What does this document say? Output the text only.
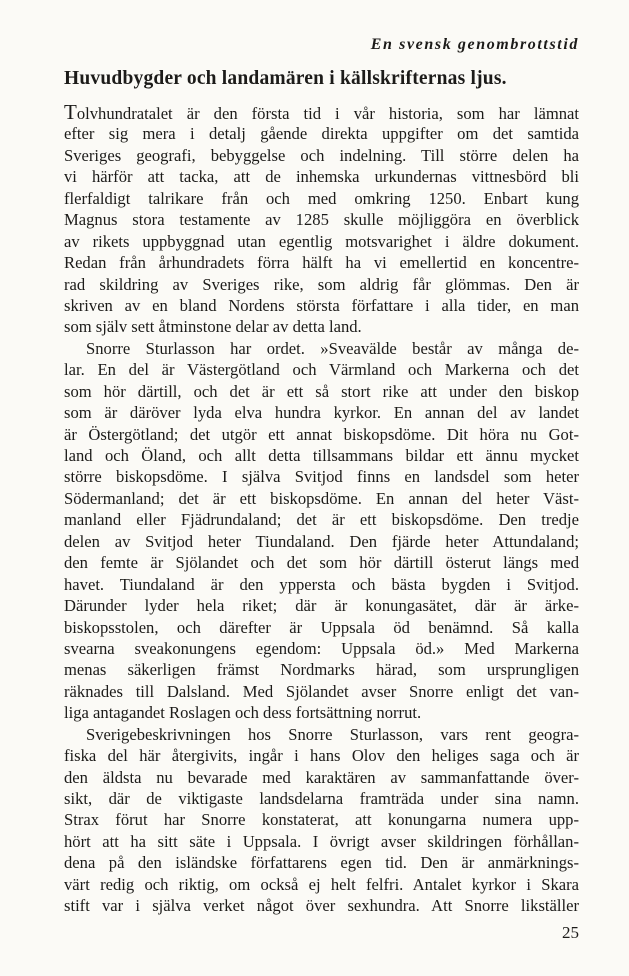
En svensk genombrottstid
Huvudbygder och landamären i källskrifternas ljus.
Tolvhundratalet är den första tid i vår historia, som har lämnat
efter sig mera i detalj gående direkta uppgifter om det samtida
Sveriges geografi, bebyggelse och indelning. Till större delen ha
vi härför att tacka, att de inhemska urkundernas vittnesbörd bli
flerfaldigt talrikare från och med omkring 1250. Enbart kung
Magnus stora testamente av 1285 skulle möjliggöra en överblick
av rikets uppbyggnad utan egentlig motsvarighet i äldre dokument.
Redan från århundradets förra hälft ha vi emellertid en koncentre-
rad skildring av Sveriges rike, som aldrig får glömmas. Den är
skriven av en bland Nordens största författare i alla tider, en man
som själv sett åtminstone delar av detta land.
Snorre Sturlasson har ordet. »Sveavälde består av många de-
lar. En del är Västergötland och Värmland och Markerna och det
som hör därtill, och det är ett så stort rike att under den biskop
som är däröver lyda elva hundra kyrkor. En annan del av landet
är Östergötland; det utgör ett annat biskopsdöme. Dit höra nu Got-
land och Öland, och allt detta tillsammans bildar ett ännu mycket
större biskopsdöme. I själva Svitjod finns en landsdel som heter
Södermanland; det är ett biskopsdöme. En annan del heter Väst-
manland eller Fjädrundaland; det är ett biskopsdöme. Den tredje
delen av Svitjod heter Tiundaland. Den fjärde heter Attundaland;
den femte är Sjölandet och det som hör därtill österut längs med
havet. Tiundaland är den yppersta och bästa bygden i Svitjod.
Därunder lyder hela riket; där är konungasätet, där är ärke-
biskopsstolen, och därefter är Uppsala öd benämnd. Så kalla
svearna sveakonungens egendom: Uppsala öd.» Med Markerna
menas säkerligen främst Nordmarks härad, som ursprungligen
räknades till Dalsland. Med Sjölandet avser Snorre enligt det van-
liga antagandet Roslagen och dess fortsättning norrut.
Sverigebeskrivningen hos Snorre Sturlasson, vars rent geogra-
fiska del här återgivits, ingår i hans Olov den heliges saga och är
den äldsta nu bevarade med karaktären av sammanfattande över-
sikt, där de viktigaste landsdelarna framträda under sina namn.
Strax förut har Snorre konstaterat, att konungarna numera upp-
hört att ha sitt säte i Uppsala. I övrigt avser skildringen förhållan-
dena på den isländske författarens egen tid. Den är anmärknings-
värt redig och riktig, om också ej helt felfri. Antalet kyrkor i Skara
stift var i själva verket något över sexhundra. Att Snorre likställer
25
